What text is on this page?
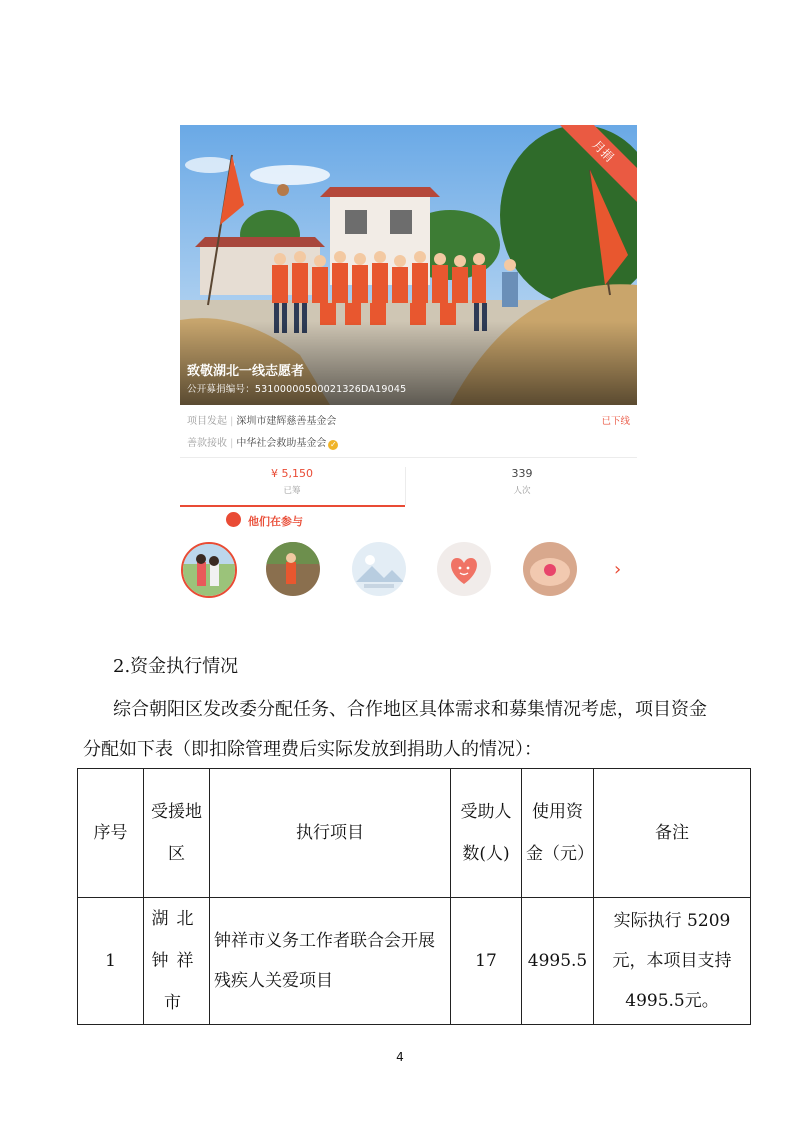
致敬湖北一线志愿者
公开募捐编号：53100000500021326DA19045
月捐
项目发起 | 深圳市建辉慈善基金会	已下线
善款接收 | 中华社会救助基金会 ✓
¥ 5,150
已筹
339
人次
他们在参与
›
2.资金执行情况
综合朝阳区发改委分配任务、合作地区具体需求和募集情况考虑，项目资金
分配如下表（即扣除管理费后实际发放到捐助人的情况）：
序号	受援地区	执行项目	受助人数(人)	使用资金（元）	备注
1	湖北钟祥市	钟祥市义务工作者联合会开展残疾人关爱项目	17	4995.5	实际执行 5209元，本项目支持4995.5元。
4
